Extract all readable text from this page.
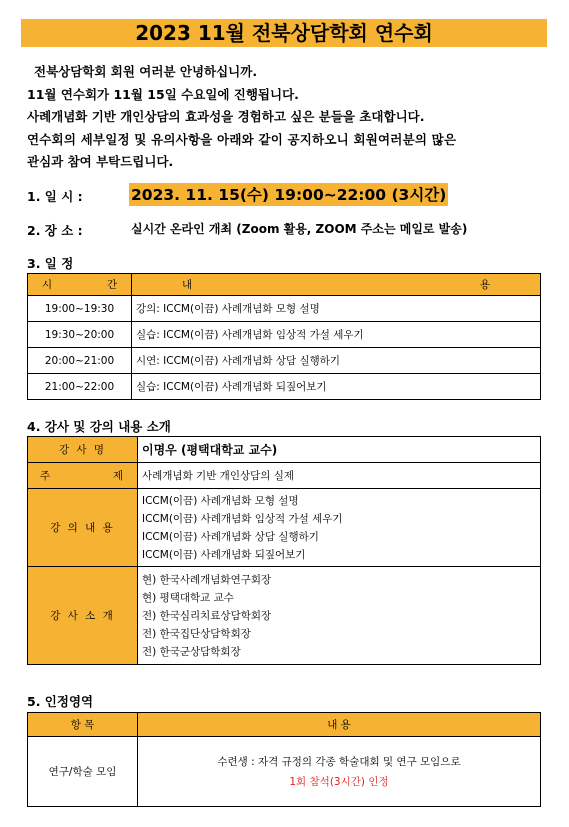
2023 11월 전북상담학회 연수회

전북상담학회 회원 여러분 안녕하십니까.

11월 연수회가 11월 15일 수요일에 진행됩니다.

사례개념화 기반 개인상담의 효과성을 경험하고 싶은 분들을 초대합니다.

연수회의 세부일정 및 유의사항을 아래와 같이 공지하오니 회원여러분의 많은

관심과 참여 부탁드립니다.

1. 일 시 :	2023. 11. 15(수) 19:00~22:00 (3시간)
2. 장 소 :	실시간 온라인 개최 (Zoom 활용, ZOOM 주소는 메일로 발송)
3. 일 정
시 간	내 용

19:00~19:30	강의: ICCM(이끔) 사례개념화 모형 설명
19:30~20:00	실습: ICCM(이끔) 사례개념화 임상적 가설 세우기
20:00~21:00	시연: ICCM(이끔) 사례개념화 상담 실행하기
21:00~22:00	실습: ICCM(이끔) 사례개념화 되짚어보기
4. 강사 및 강의 내용 소개
강 사 명	이명우 (평택대학교 교수)

주 제	사례개념화 기반 개인상담의 실제
강 의 내 용	ICCM(이끔) 사례개념화 모형 설명
ICCM(이끔) 사례개념화 임상적 가설 세우기
ICCM(이끔) 사례개념화 상담 실행하기
ICCM(이끔) 사례개념화 되짚어보기

강 사 소 개	현) 한국사례개념화연구회장
현) 평택대학교 교수
전) 한국심리치료상담학회장
전) 한국집단상담학회장
전) 한국군상담학회장
5. 인정영역
항 목	내 용
연구/학술 모임	수련생 : 자격 규정의 각종 학술대회 및 연구 모임으로
1회 참석(3시간) 인정
